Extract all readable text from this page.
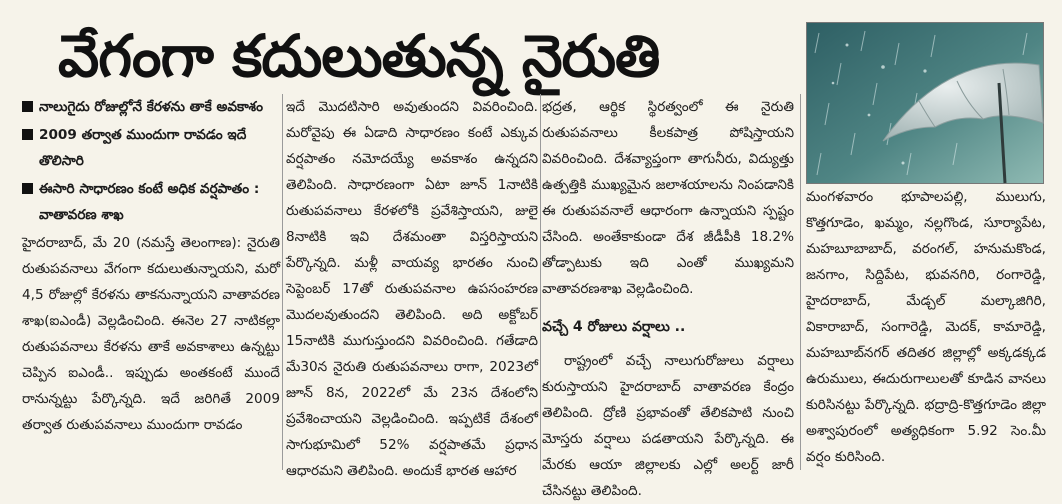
వేగంగా కదులుతున్న నైరుతి
నాలుగైదు రోజుల్లోనే కేరళను తాకే అవకాశం
2009 తర్వాత ముందుగా రావడం ఇదే తొలిసారి
ఈసారి సాధారణం కంటే అధిక వర్షపాతం : వాతావరణ శాఖ

హైదరాబాద్, మే 20 (నమస్తే తెలంగాణ): నైరుతి రుతుపవనాలు వేగంగా కదులుతున్నాయని, మరో 4,5 రోజుల్లో కేరళను తాకనున్నాయని వాతావరణ శాఖ(ఐఎండీ) వెల్లడించింది. ఈనెల 27 నాటికల్లా రుతుపవనాలు కేరళను తాకే అవకాశాలు ఉన్నట్టు చెప్పిన ఐఎండీ.. ఇప్పుడు అంతకంటే ముందే రానున్నట్టు పేర్కొన్నది. ఇదే జరిగితే 2009 తర్వాత రుతుపవనాలు ముందుగా రావడం

ఇదే మొదటిసారి అవుతుందని వివరించింది. మరోవైపు ఈ ఏడాది సాధారణం కంటే ఎక్కువ వర్షపాతం నమోదయ్యే అవకాశం ఉన్నదని తెలిపింది. సాధారణంగా ఏటా జూన్ 1నాటికి రుతుపవనాలు కేరళలోకి ప్రవేశిస్తాయని, జులై 8నాటికి ఇవి దేశమంతా విస్తరిస్తాయని పేర్కొన్నది. మళ్లీ వాయవ్య భారతం నుంచి సెప్టెంబర్ 17తో రుతుపవనాల ఉపసంహరణ మొదలవుతుందని తెలిపింది. అది అక్టోబర్ 15నాటికి ముగుస్తుందని వివరించింది. గతేడాది మే30న నైరుతి రుతుపవనాలు రాగా, 2023లో జూన్ 8న, 2022లో మే 23న దేశంలోని ప్రవేశించాయని వెల్లడించింది. ఇప్పటికే దేశంలో సాగుభూమిలో 52% వర్షపాతమే ప్రధాన ఆధారమని తెలిపింది. అందుకే భారత ఆహార

భద్రత, ఆర్థిక స్థిరత్వంలో ఈ నైరుతి రుతుపవనాలు కీలకపాత్ర పోషిస్తాయని వివరించింది. దేశవ్యాప్తంగా తాగునీరు, విద్యుత్తు ఉత్పత్తికి ముఖ్యమైన జలాశయాలను నింపడానికి ఈ రుతుపవనాలే ఆధారంగా ఉన్నాయని స్పష్టం చేసింది. అంతేకాకుండా దేశ జీడీపీకి 18.2% తోడ్పాటుకు ఇది ఎంతో ముఖ్యమని వాతావరణశాఖ వెల్లడించింది.

వచ్చే 4 రోజులు వర్షాలు ..

రాష్ట్రంలో వచ్చే నాలుగురోజులు వర్షాలు కురుస్తాయని హైదరాబాద్ వాతావరణ కేంద్రం తెలిపింది. ద్రోణి ప్రభావంతో తేలికపాటి నుంచి మోస్తరు వర్షాలు పడతాయని పేర్కొన్నది. ఈ మేరకు ఆయా జిల్లాలకు ఎల్లో అలర్ట్ జారీ చేసినట్టు తెలిపింది.

మంగళవారం భూపాలపల్లి, ములుగు, కొత్తగూడెం, ఖమ్మం, నల్లగొండ, సూర్యాపేట, మహబూబాబాద్, వరంగల్, హనుమకొండ, జనగాం, సిద్దిపేట, భువనగిరి, రంగారెడ్డి, హైదరాబాద్, మేడ్చల్ మల్కాజిగిరి, వికారాబాద్, సంగారెడ్డి, మెదక్, కామారెడ్డి, మహబూబ్‌నగర్ తదితర జిల్లాల్లో అక్కడక్కడ ఉరుములు, ఈదురుగాలులతో కూడిన వానలు కురిసినట్టు పేర్కొన్నది. భద్రాద్రి-కొత్తగూడెం జిల్లా అశ్వాపురంలో అత్యధికంగా 5.92 సెం.మీ వర్షం కురిసింది.
